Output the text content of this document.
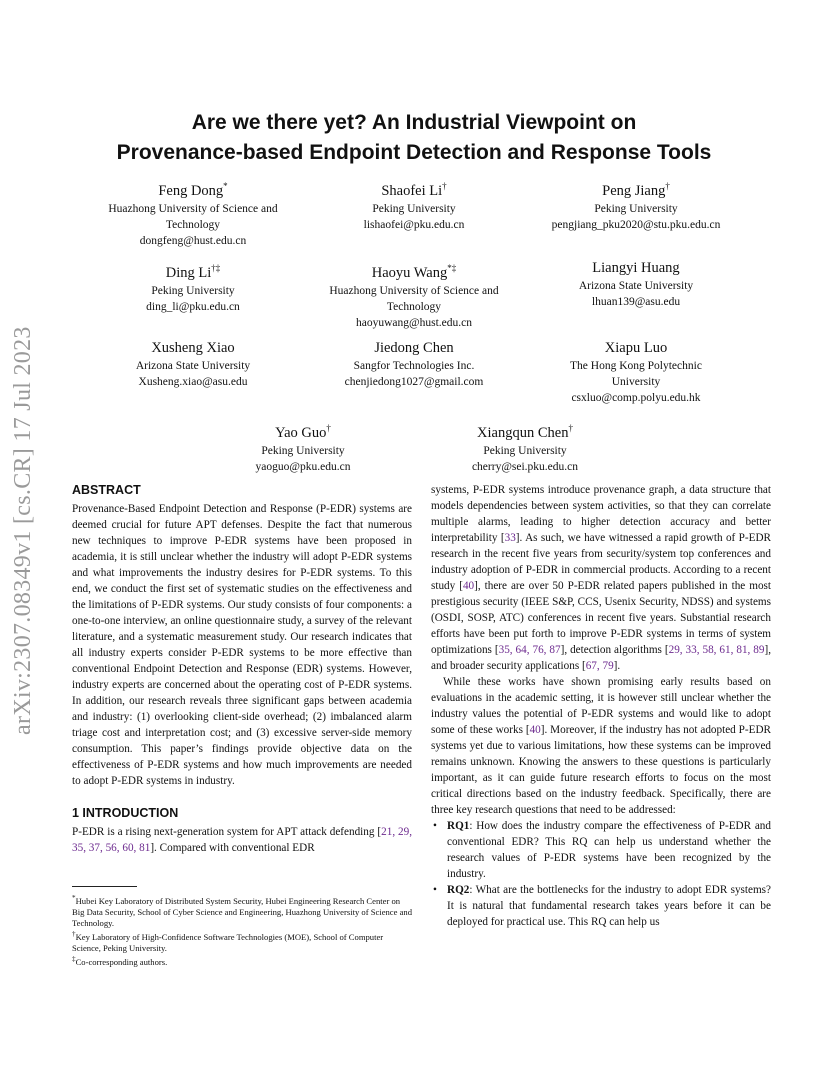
arXiv:2307.08349v1 [cs.CR] 17 Jul 2023
Are we there yet? An Industrial Viewpoint on
Provenance-based Endpoint Detection and Response Tools
Feng Dong*
Huazhong University of Science and
Technology
dongfeng@hust.edu.cn
Shaofei Li†
Peking University
lishaofei@pku.edu.cn
Peng Jiang†
Peking University
pengjiang_pku2020@stu.pku.edu.cn
Ding Li†‡
Peking University
ding_li@pku.edu.cn
Haoyu Wang*‡
Huazhong University of Science and
Technology
haoyuwang@hust.edu.cn
Liangyi Huang
Arizona State University
lhuan139@asu.edu
Xusheng Xiao
Arizona State University
Xusheng.xiao@asu.edu
Jiedong Chen
Sangfor Technologies Inc.
chenjiedong1027@gmail.com
Xiapu Luo
The Hong Kong Polytechnic
University
csxluo@comp.polyu.edu.hk
Yao Guo†
Peking University
yaoguo@pku.edu.cn
Xiangqun Chen†
Peking University
cherry@sei.pku.edu.cn
ABSTRACT

Provenance-Based Endpoint Detection and Response (P-EDR) systems are deemed crucial for future APT defenses. Despite the fact that numerous new techniques to improve P-EDR systems have been proposed in academia, it is still unclear whether the industry will adopt P-EDR systems and what improvements the industry desires for P-EDR systems. To this end, we conduct the first set of systematic studies on the effectiveness and the limitations of P-EDR systems. Our study consists of four components: a one-to-one interview, an online questionnaire study, a survey of the relevant literature, and a systematic measurement study. Our research indicates that all industry experts consider P-EDR systems to be more effective than conventional Endpoint Detection and Response (EDR) systems. However, industry experts are concerned about the operating cost of P-EDR systems. In addition, our research reveals three significant gaps between academia and industry: (1) overlooking client-side overhead; (2) imbalanced alarm triage cost and interpretation cost; and (3) excessive server-side memory consumption. This paper’s findings provide objective data on the effectiveness of P-EDR systems and how much improvements are needed to adopt P-EDR systems in industry.

1 INTRODUCTION

P-EDR is a rising next-generation system for APT attack defending [21, 29, 35, 37, 56, 60, 81]. Compared with conventional EDR

*Hubei Key Laboratory of Distributed System Security, Hubei Engineering Research Center on Big Data Security, School of Cyber Science and Engineering, Huazhong University of Science and Technology.
†Key Laboratory of High-Confidence Software Technologies (MOE), School of Computer Science, Peking University.
‡Co-corresponding authors.

systems, P-EDR systems introduce provenance graph, a data structure that models dependencies between system activities, so that they can correlate multiple alarms, leading to higher detection accuracy and better interpretability [33]. As such, we have witnessed a rapid growth of P-EDR research in the recent five years from security/system top conferences and industry adoption of P-EDR in commercial products. According to a recent study [40], there are over 50 P-EDR related papers published in the most prestigious security (IEEE S&P, CCS, Usenix Security, NDSS) and systems (OSDI, SOSP, ATC) conferences in recent five years. Substantial research efforts have been put forth to improve P-EDR systems in terms of system optimizations [35, 64, 76, 87], detection algorithms [29, 33, 58, 61, 81, 89], and broader security applications [67, 79].

While these works have shown promising early results based on evaluations in the academic setting, it is however still unclear whether the industry values the potential of P-EDR systems and would like to adopt some of these works [40]. Moreover, if the industry has not adopted P-EDR systems yet due to various limitations, how these systems can be improved remains unknown. Knowing the answers to these questions is particularly important, as it can guide future research efforts to focus on the most critical directions based on the industry feedback. Specifically, there are three key research questions that need to be addressed:

• RQ1: How does the industry compare the effectiveness of P-EDR and conventional EDR? This RQ can help us understand whether the research values of P-EDR systems have been recognized by the industry.
• RQ2: What are the bottlenecks for the industry to adopt EDR systems? It is natural that fundamental research takes years before it can be deployed for practical use. This RQ can help us
